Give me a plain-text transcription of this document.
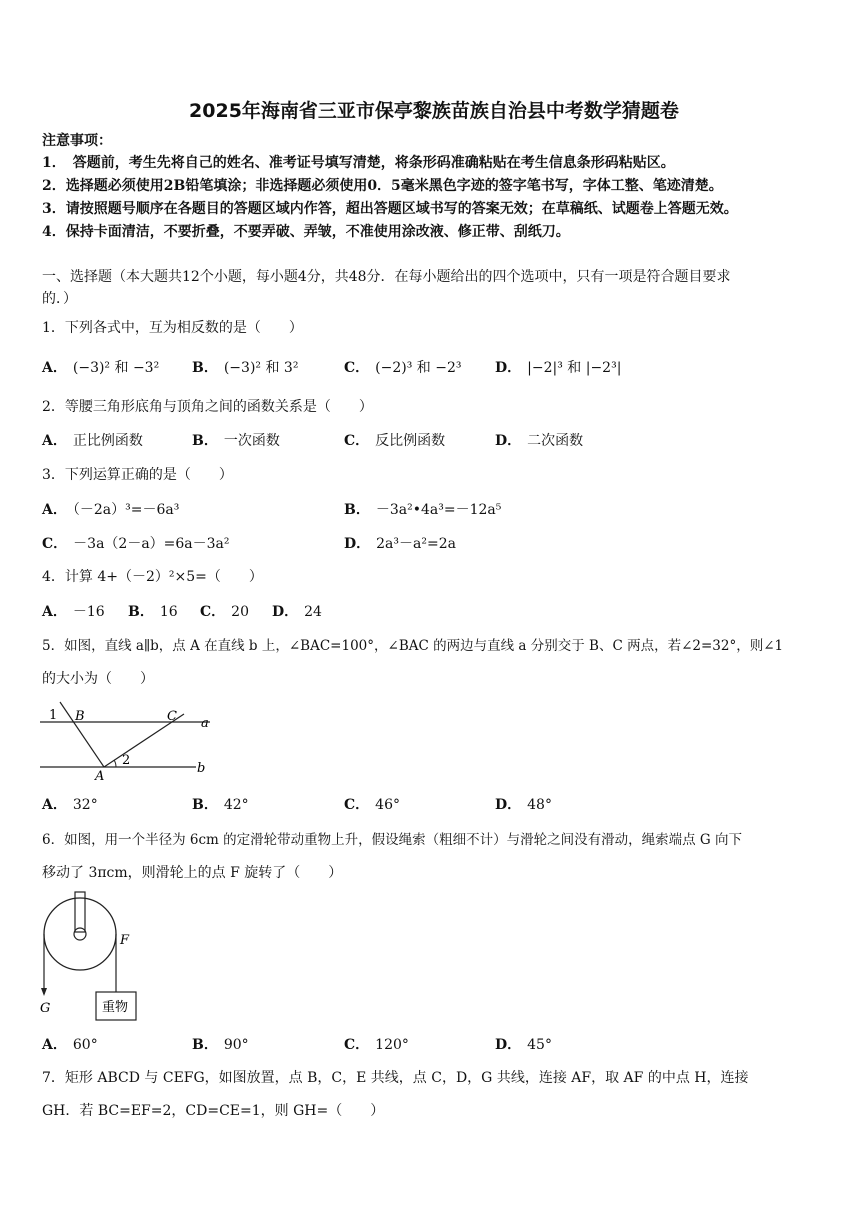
2025年海南省三亚市保亭黎族苗族自治县中考数学猜题卷
注意事项：
1．　答题前，考生先将自己的姓名、准考证号填写清楚，将条形码准确粘贴在考生信息条形码粘贴区。
2．选择题必须使用2B铅笔填涂；非选择题必须使用0．5毫米黑色字迹的签字笔书写，字体工整、笔迹清楚。
3．请按照题号顺序在各题目的答题区域内作答，超出答题区域书写的答案无效；在草稿纸、试题卷上答题无效。
4．保持卡面清洁，不要折叠，不要弄破、弄皱，不准使用涂改液、修正带、刮纸刀。
一、选择题（本大题共12个小题，每小题4分，共48分．在每小题给出的四个选项中，只有一项是符合题目要求
的．）
1．下列各式中，互为相反数的是（　　）
A． (−3)² 和 −3² B． (−3)² 和 3²	C． (−2)³ 和 −2³ D． |−2|³ 和 |−2³|
2．等腰三角形底角与顶角之间的函数关系是（　　）
A． 正比例函数	B． 一次函数	C． 反比例函数	D． 二次函数
3．下列运算正确的是（　　）
A． （－2a）³=－6a³	B． －3a²•4a³=－12a⁵
C． －3a（2－a）=6a－3a²	D． 2a³－a²=2a
4．计算 4+（－2）²×5=（　　）
A． －16 B． 16 C． 20 D． 24
5．如图，直线 a∥b，点 A 在直线 b 上，∠BAC=100°，∠BAC 的两边与直线 a 分别交于 B、C 两点，若∠2=32°，则∠1
的大小为（　　）
1 B	C a
A
2
b
A． 32°	B． 42°	C． 46°	D． 48°
6．如图，用一个半径为 6cm 的定滑轮带动重物上升，假设绳索（粗细不计）与滑轮之间没有滑动，绳索端点 G 向下
移动了 3πcm，则滑轮上的点 F 旋转了（　　）
重物
F
G
A． 60°	B． 90°	C． 120°	D． 45°
7．矩形 ABCD 与 CEFG，如图放置，点 B，C，E 共线，点 C，D，G 共线，连接 AF，取 AF 的中点 H，连接
GH．若 BC=EF=2，CD=CE=1，则 GH=（　　）
